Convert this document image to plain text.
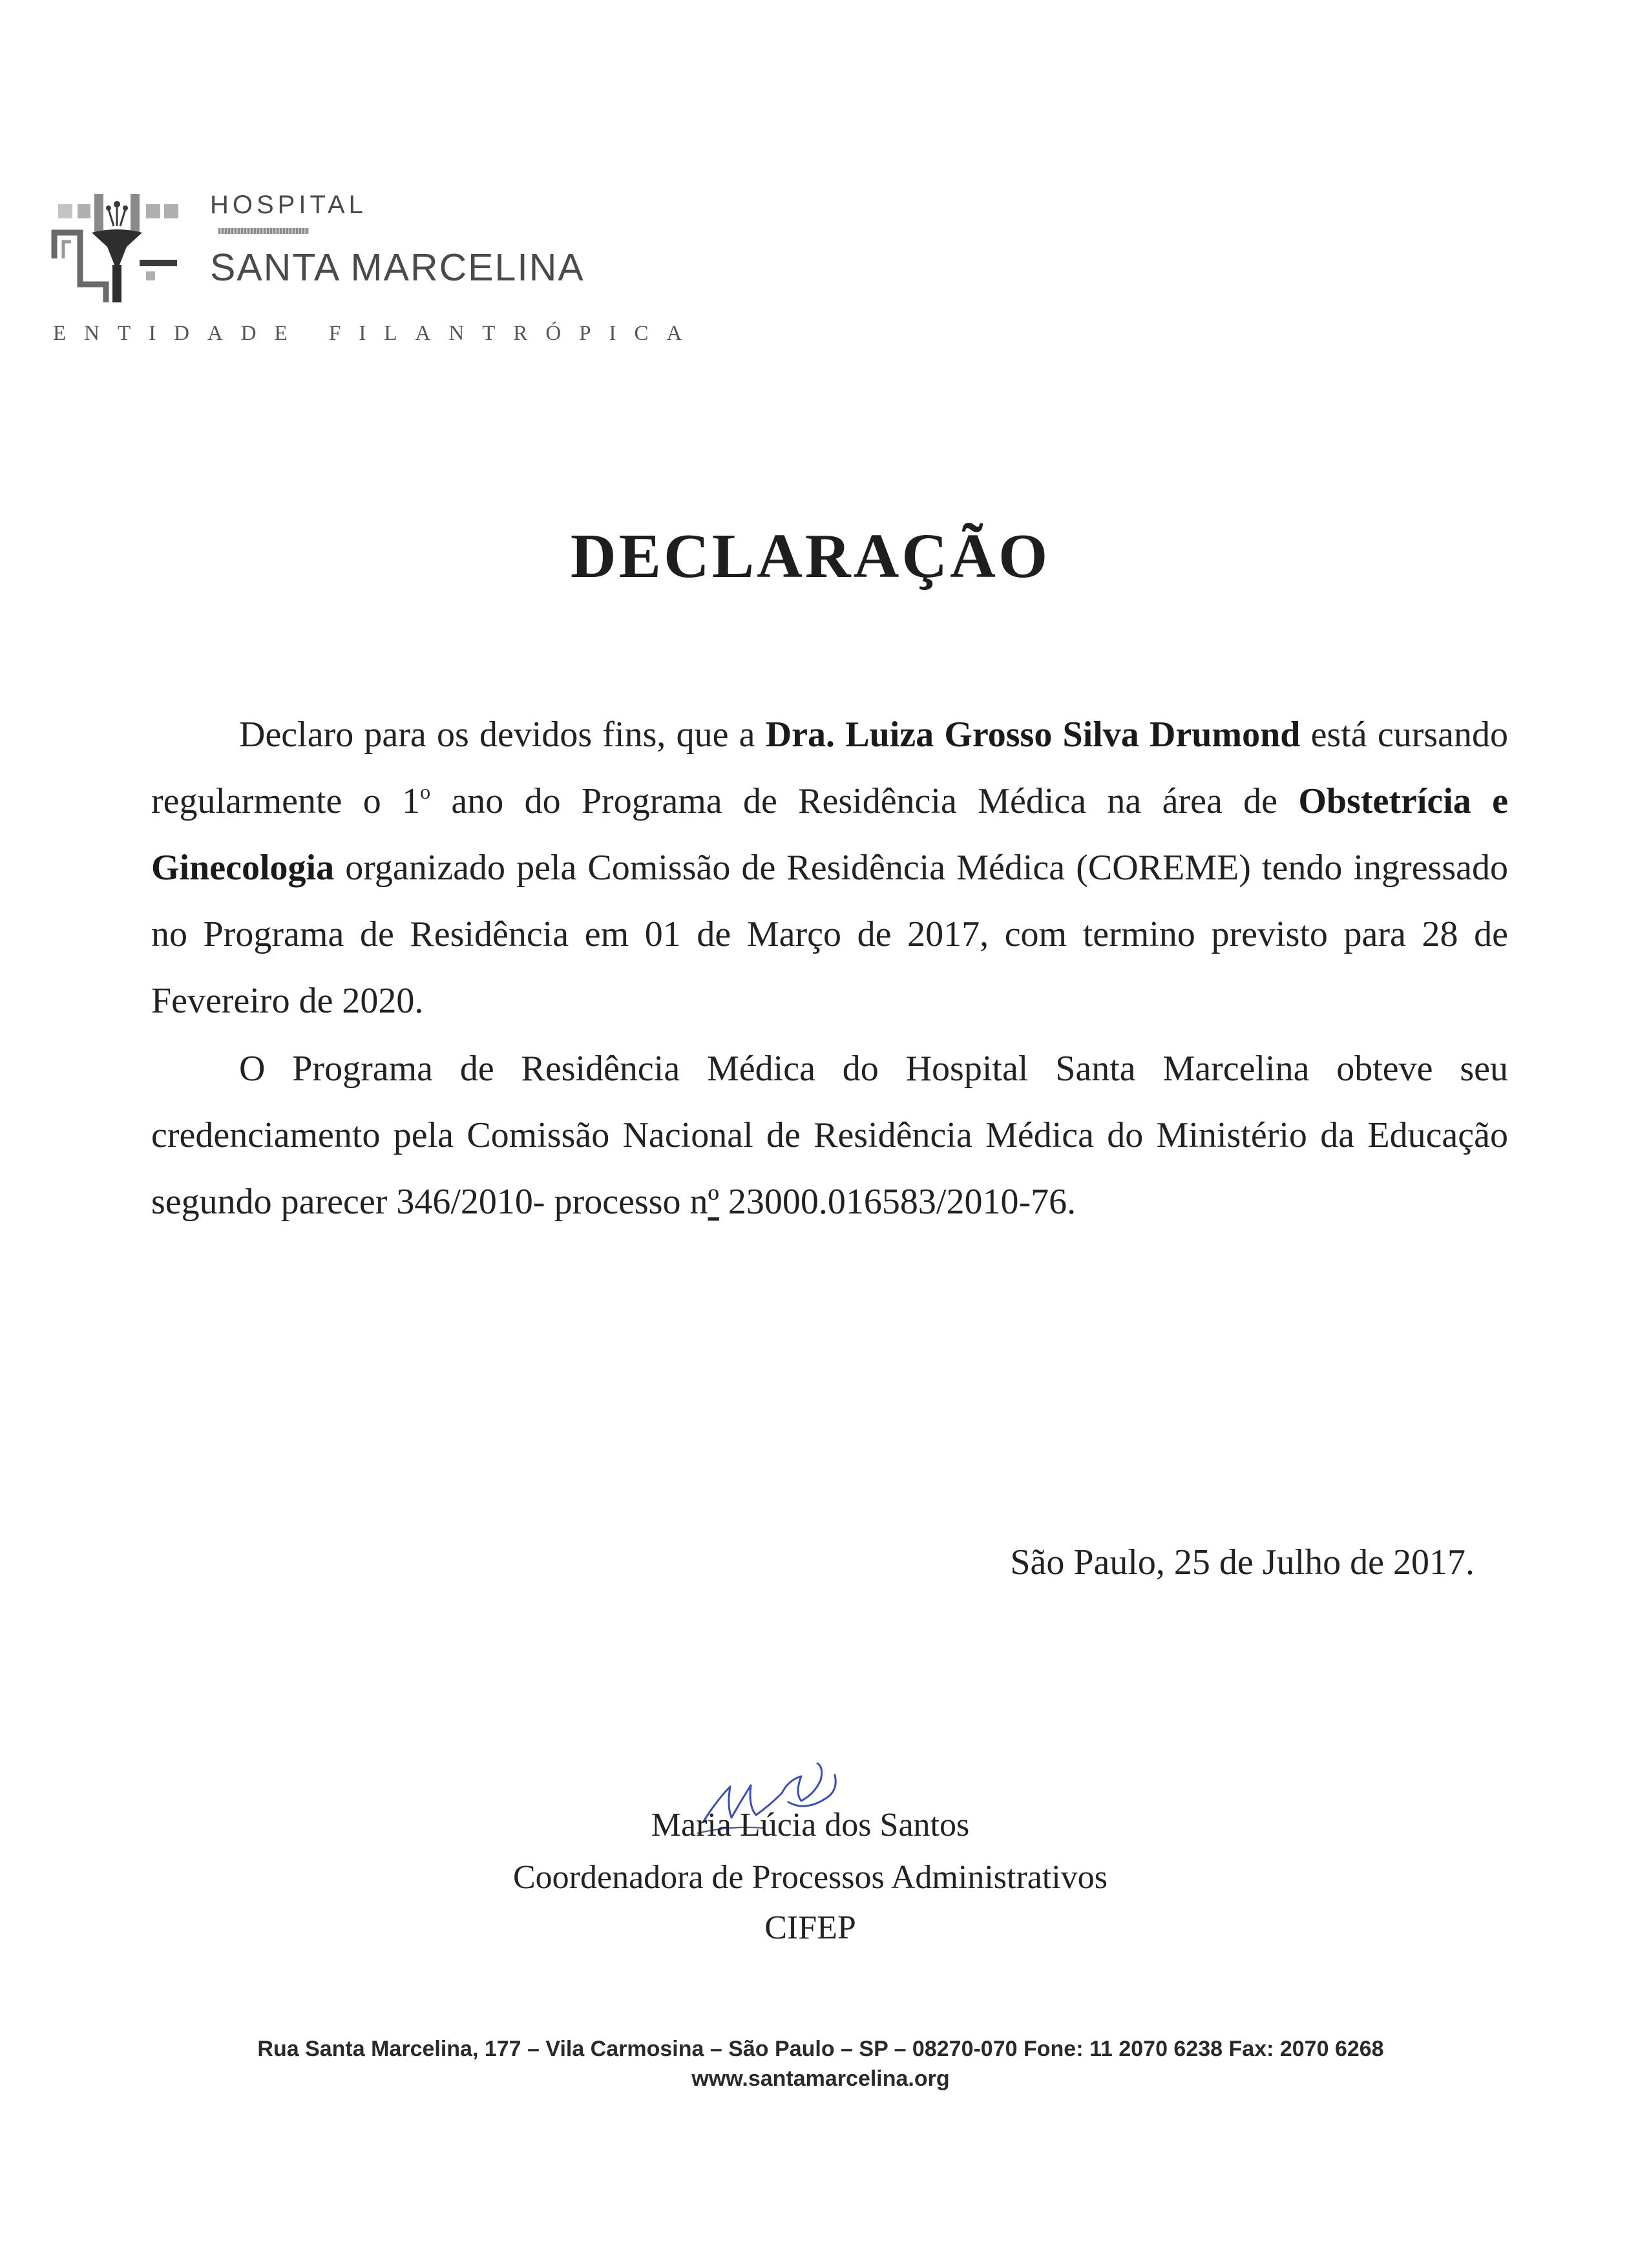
HOSPITAL
SANTA MARCELINA
ENTIDADE FILANTRÓPICA
DECLARAÇÃO

Declaro para os devidos fins, que a Dra. Luiza Grosso Silva Drumond está cursando regularmente o 1$^o$ ano do Programa de Residência Médica na área de Obstetrícia e Ginecologia organizado pela Comissão de Residência Médica (COREME) tendo ingressado no Programa de Residência em 01 de Março de 2017, com termino previsto para 28 de Fevereiro de 2020.

O Programa de Residência Médica do Hospital Santa Marcelina obteve seu credenciamento pela Comissão Nacional de Residência Médica do Ministério da Educação segundo parecer 346/2010- processo nº 23000.016583/2010-76.

São Paulo, 25 de Julho de 2017.
Maria Lúcia dos Santos
Coordenadora de Processos Administrativos
CIFEP
Rua Santa Marcelina, 177 – Vila Carmosina – São Paulo – SP – 08270-070 Fone: 11 2070 6238 Fax: 2070 6268 www.santamarcelina.org
